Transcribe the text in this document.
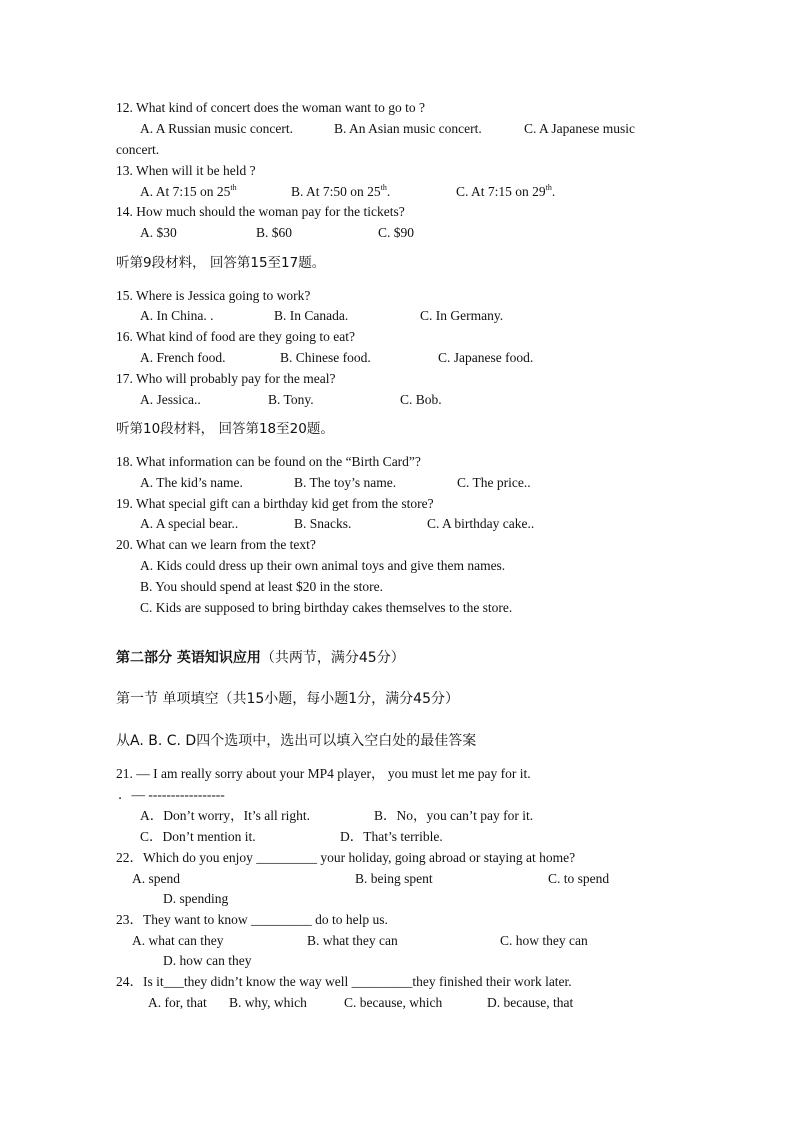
12. What kind of concert does the woman want to go to ?
A. A Russian music concert.	B. An Asian music concert.	C. A Japanese music
concert.
13. When will it be held ?
A. At 7:15 on 25th	B. At 7:50 on 25th.	C. At 7:15 on 29th.
14. How much should the woman pay for the tickets?
A. $30	B. $60	C. $90
听第9段材料， 回答第15至17题。
15. Where is Jessica going to work?
A. In China. .	B. In Canada.	C. In Germany.
16. What kind of food are they going to eat?
A. French food.	B. Chinese food.	C. Japanese food.
17. Who will probably pay for the meal?
A. Jessica..	B. Tony.	C. Bob.
听第10段材料， 回答第18至20题。
18. What information can be found on the “Birth Card”?
A. The kid’s name.	B. The toy’s name.	C. The price..
19. What special gift can a birthday kid get from the store?
A. A special bear..	B. Snacks.	C. A birthday cake..
20. What can we learn from the text?
A. Kids could dress up their own animal toys and give them names.
B. You should spend at least $20 in the store.
C. Kids are supposed to bring birthday cakes themselves to the store.
第二部分 英语知识应用（共两节，满分45分）
第一节 单项填空（共15小题，每小题1分，满分45分）
从A. B. C. D四个选项中，选出可以填入空白处的最佳答案
21. — I am really sorry about your MP4 player， you must let me pay for it.
．— -----------------
A．Don’t worry，It’s all right.	B．No，you can’t pay for it.
C．Don’t mention it.	D．That’s terrible.
22．Which do you enjoy _________ your holiday, going abroad or staying at home?
A. spend	B. being spent	C. to spend
D. spending
23．They want to know _________ do to help us.
A. what can they	B. what they can	C. how they can
D. how can they
24．Is it___they didn’t know the way well _________they finished their work later.
A. for, that B. why, which	C. because, which	D. because, that
